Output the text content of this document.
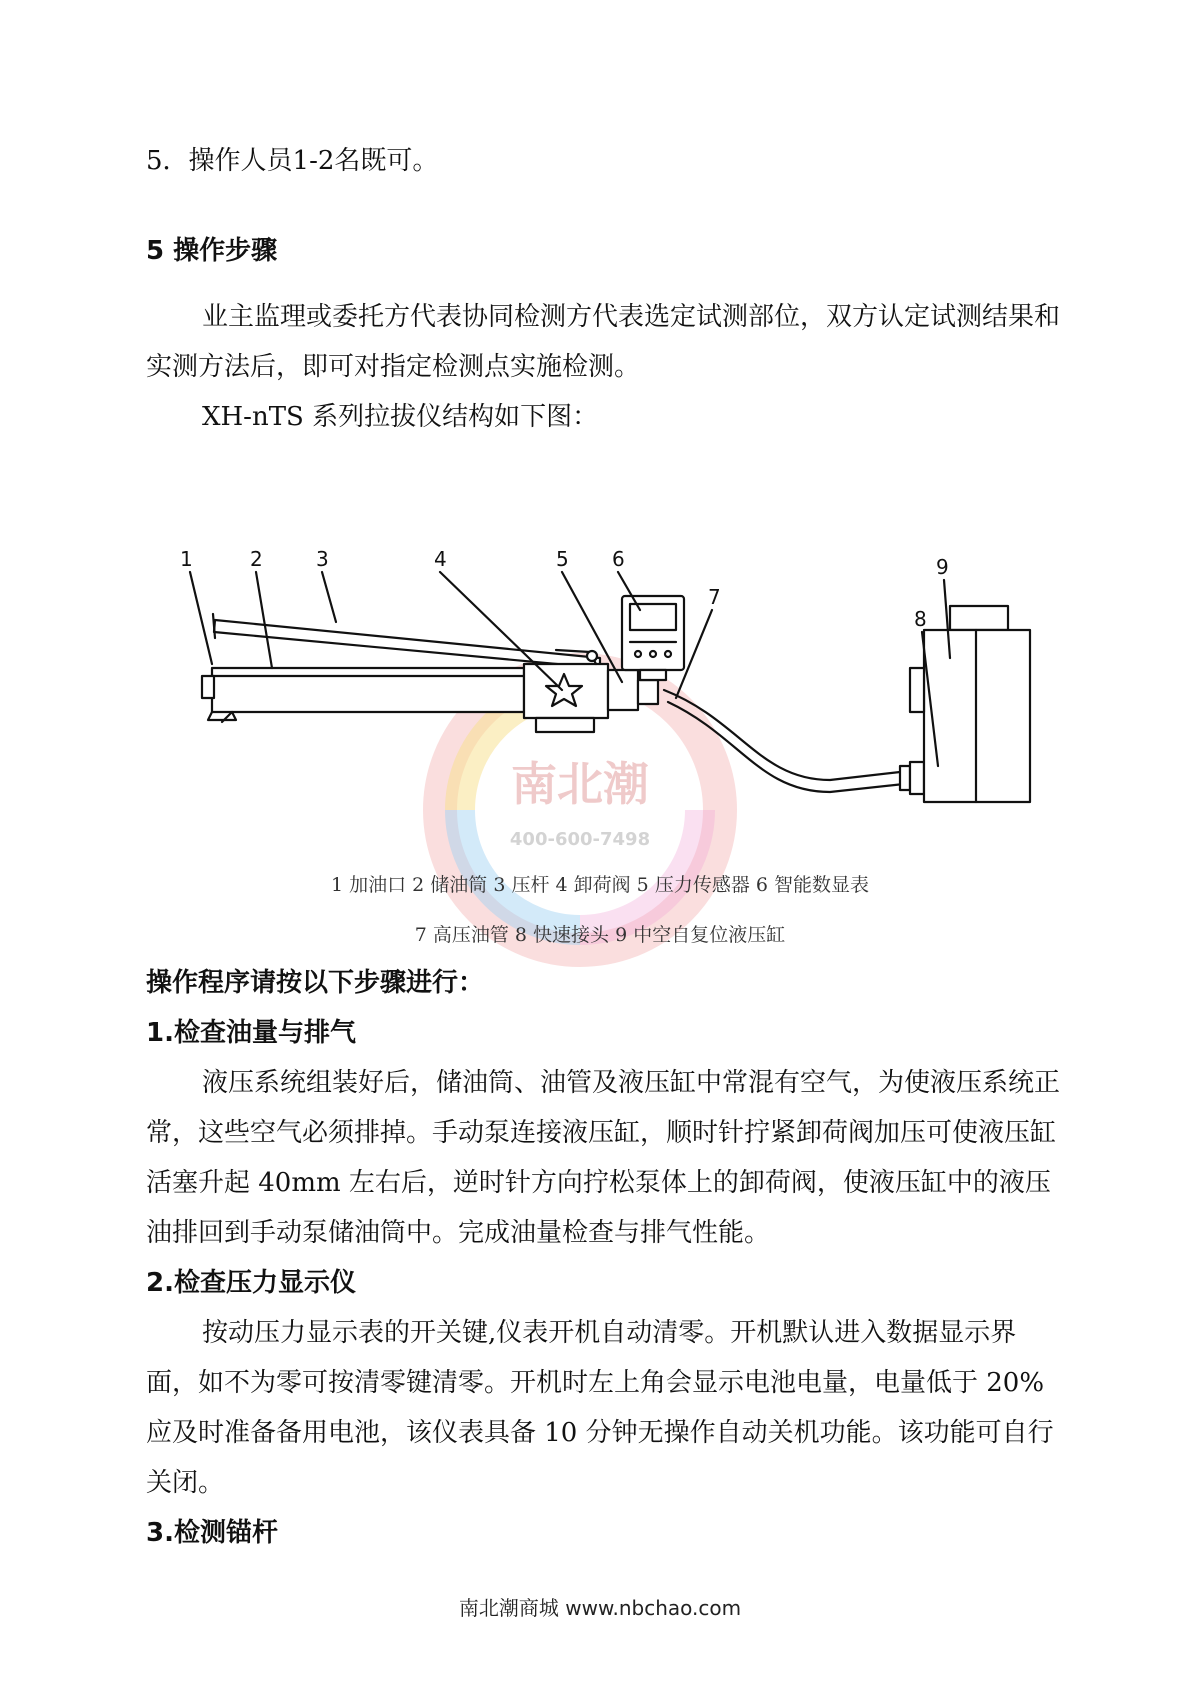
5．操作人员1-2名既可。

5 操作步骤

业主监理或委托方代表协同检测方代表选定试测部位，双方认定试测结果和实测方法后，即可对指定检测点实施检测。

XH-nTS 系列拉拔仪结构如下图：

南北潮
400-600-7498
1	2	3	4	5 6
7
8
9

1 加油口 2 储油筒 3 压杆 4 卸荷阀 5 压力传感器 6 智能数显表

7 高压油管 8 快速接头 9 中空自复位液压缸

操作程序请按以下步骤进行：

1.检查油量与排气

液压系统组装好后，储油筒、油管及液压缸中常混有空气，为使液压系统正常，这些空气必须排掉。手动泵连接液压缸，顺时针拧紧卸荷阀加压可使液压缸活塞升起 40mm 左右后，逆时针方向拧松泵体上的卸荷阀，使液压缸中的液压油排回到手动泵储油筒中。完成油量检查与排气性能。

2.检查压力显示仪

按动压力显示表的开关键,仪表开机自动清零。开机默认进入数据显示界面，如不为零可按清零键清零。开机时左上角会显示电池电量，电量低于 20%应及时准备备用电池，该仪表具备 10 分钟无操作自动关机功能。该功能可自行关闭。

3.检测锚杆

南北潮商城 www.nbchao.com
